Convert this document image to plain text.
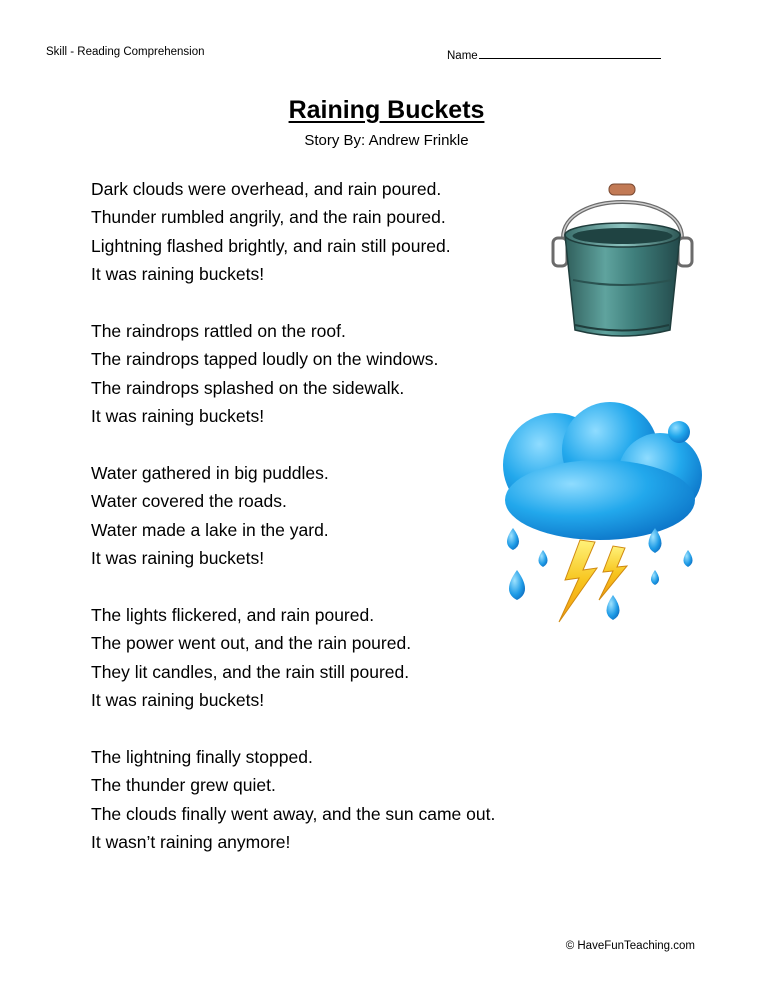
Skill - Reading Comprehension	Name
Raining Buckets
Story By: Andrew Frinkle
Dark clouds were overhead, and rain poured.
Thunder rumbled angrily, and the rain poured.
Lightning flashed brightly, and rain still poured.
It was raining buckets!
The raindrops rattled on the roof.
The raindrops tapped loudly on the windows.
The raindrops splashed on the sidewalk.
It was raining buckets!
Water gathered in big puddles.
Water covered the roads.
Water made a lake in the yard.
It was raining buckets!
The lights flickered, and rain poured.
The power went out, and the rain poured.
They lit candles, and the rain still poured.
It was raining buckets!
The lightning finally stopped.
The thunder grew quiet.
The clouds finally went away, and the sun came out.
It wasn’t raining anymore!
© HaveFunTeaching.com
